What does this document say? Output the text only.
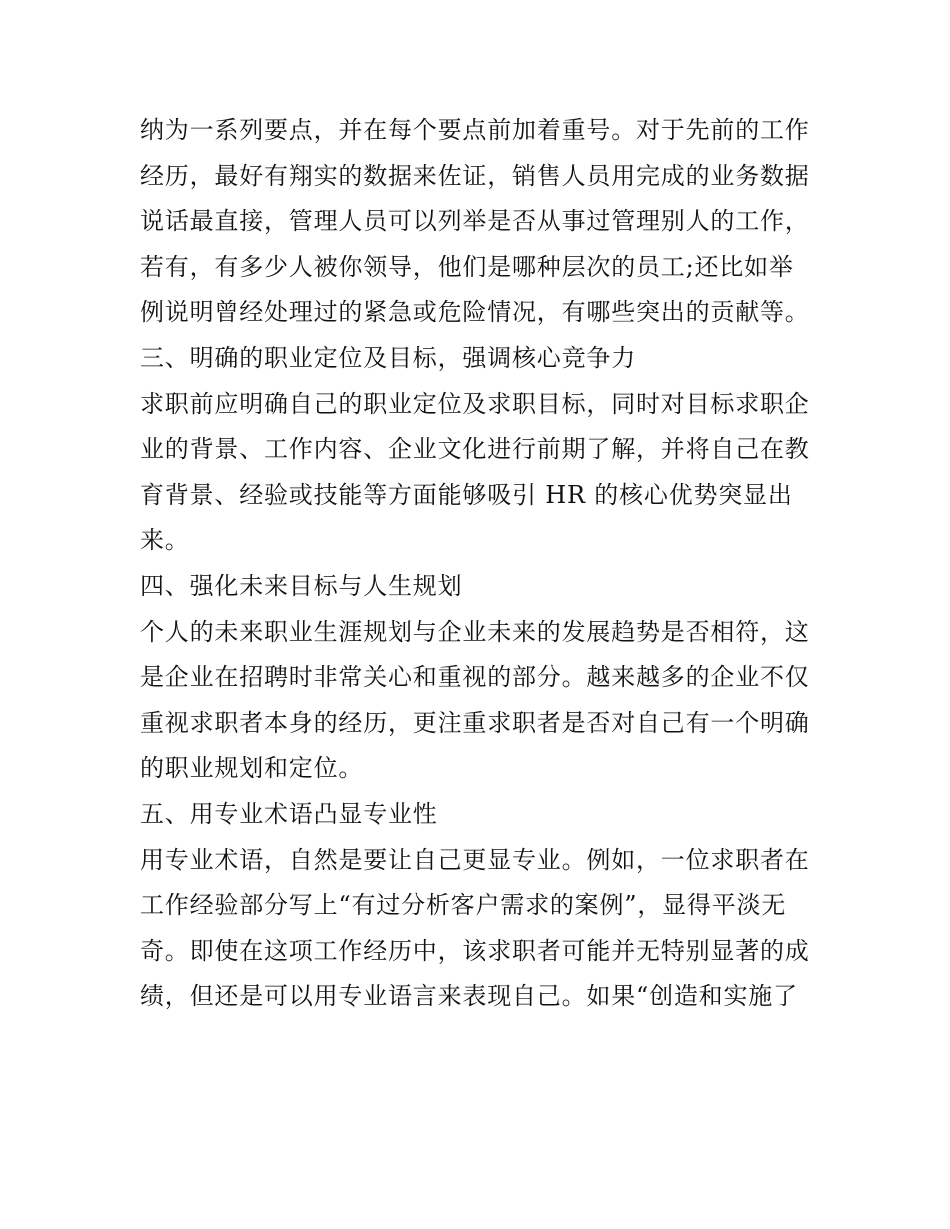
纳为一系列要点，并在每个要点前加着重号。对于先前的工作
经历，最好有翔实的数据来佐证，销售人员用完成的业务数据
说话最直接，管理人员可以列举是否从事过管理别人的工作，
若有，有多少人被你领导，他们是哪种层次的员工;还比如举
例说明曾经处理过的紧急或危险情况，有哪些突出的贡献等。
三、明确的职业定位及目标，强调核心竞争力
求职前应明确自己的职业定位及求职目标，同时对目标求职企
业的背景、工作内容、企业文化进行前期了解，并将自己在教
育背景、经验或技能等方面能够吸引 HR 的核心优势突显出
来。
四、强化未来目标与人生规划
个人的未来职业生涯规划与企业未来的发展趋势是否相符，这
是企业在招聘时非常关心和重视的部分。越来越多的企业不仅
重视求职者本身的经历，更注重求职者是否对自己有一个明确
的职业规划和定位。
五、用专业术语凸显专业性
用专业术语，自然是要让自己更显专业。例如，一位求职者在
工作经验部分写上“有过分析客户需求的案例”，显得平淡无
奇。即使在这项工作经历中，该求职者可能并无特别显著的成
绩，但还是可以用专业语言来表现自己。如果“创造和实施了
